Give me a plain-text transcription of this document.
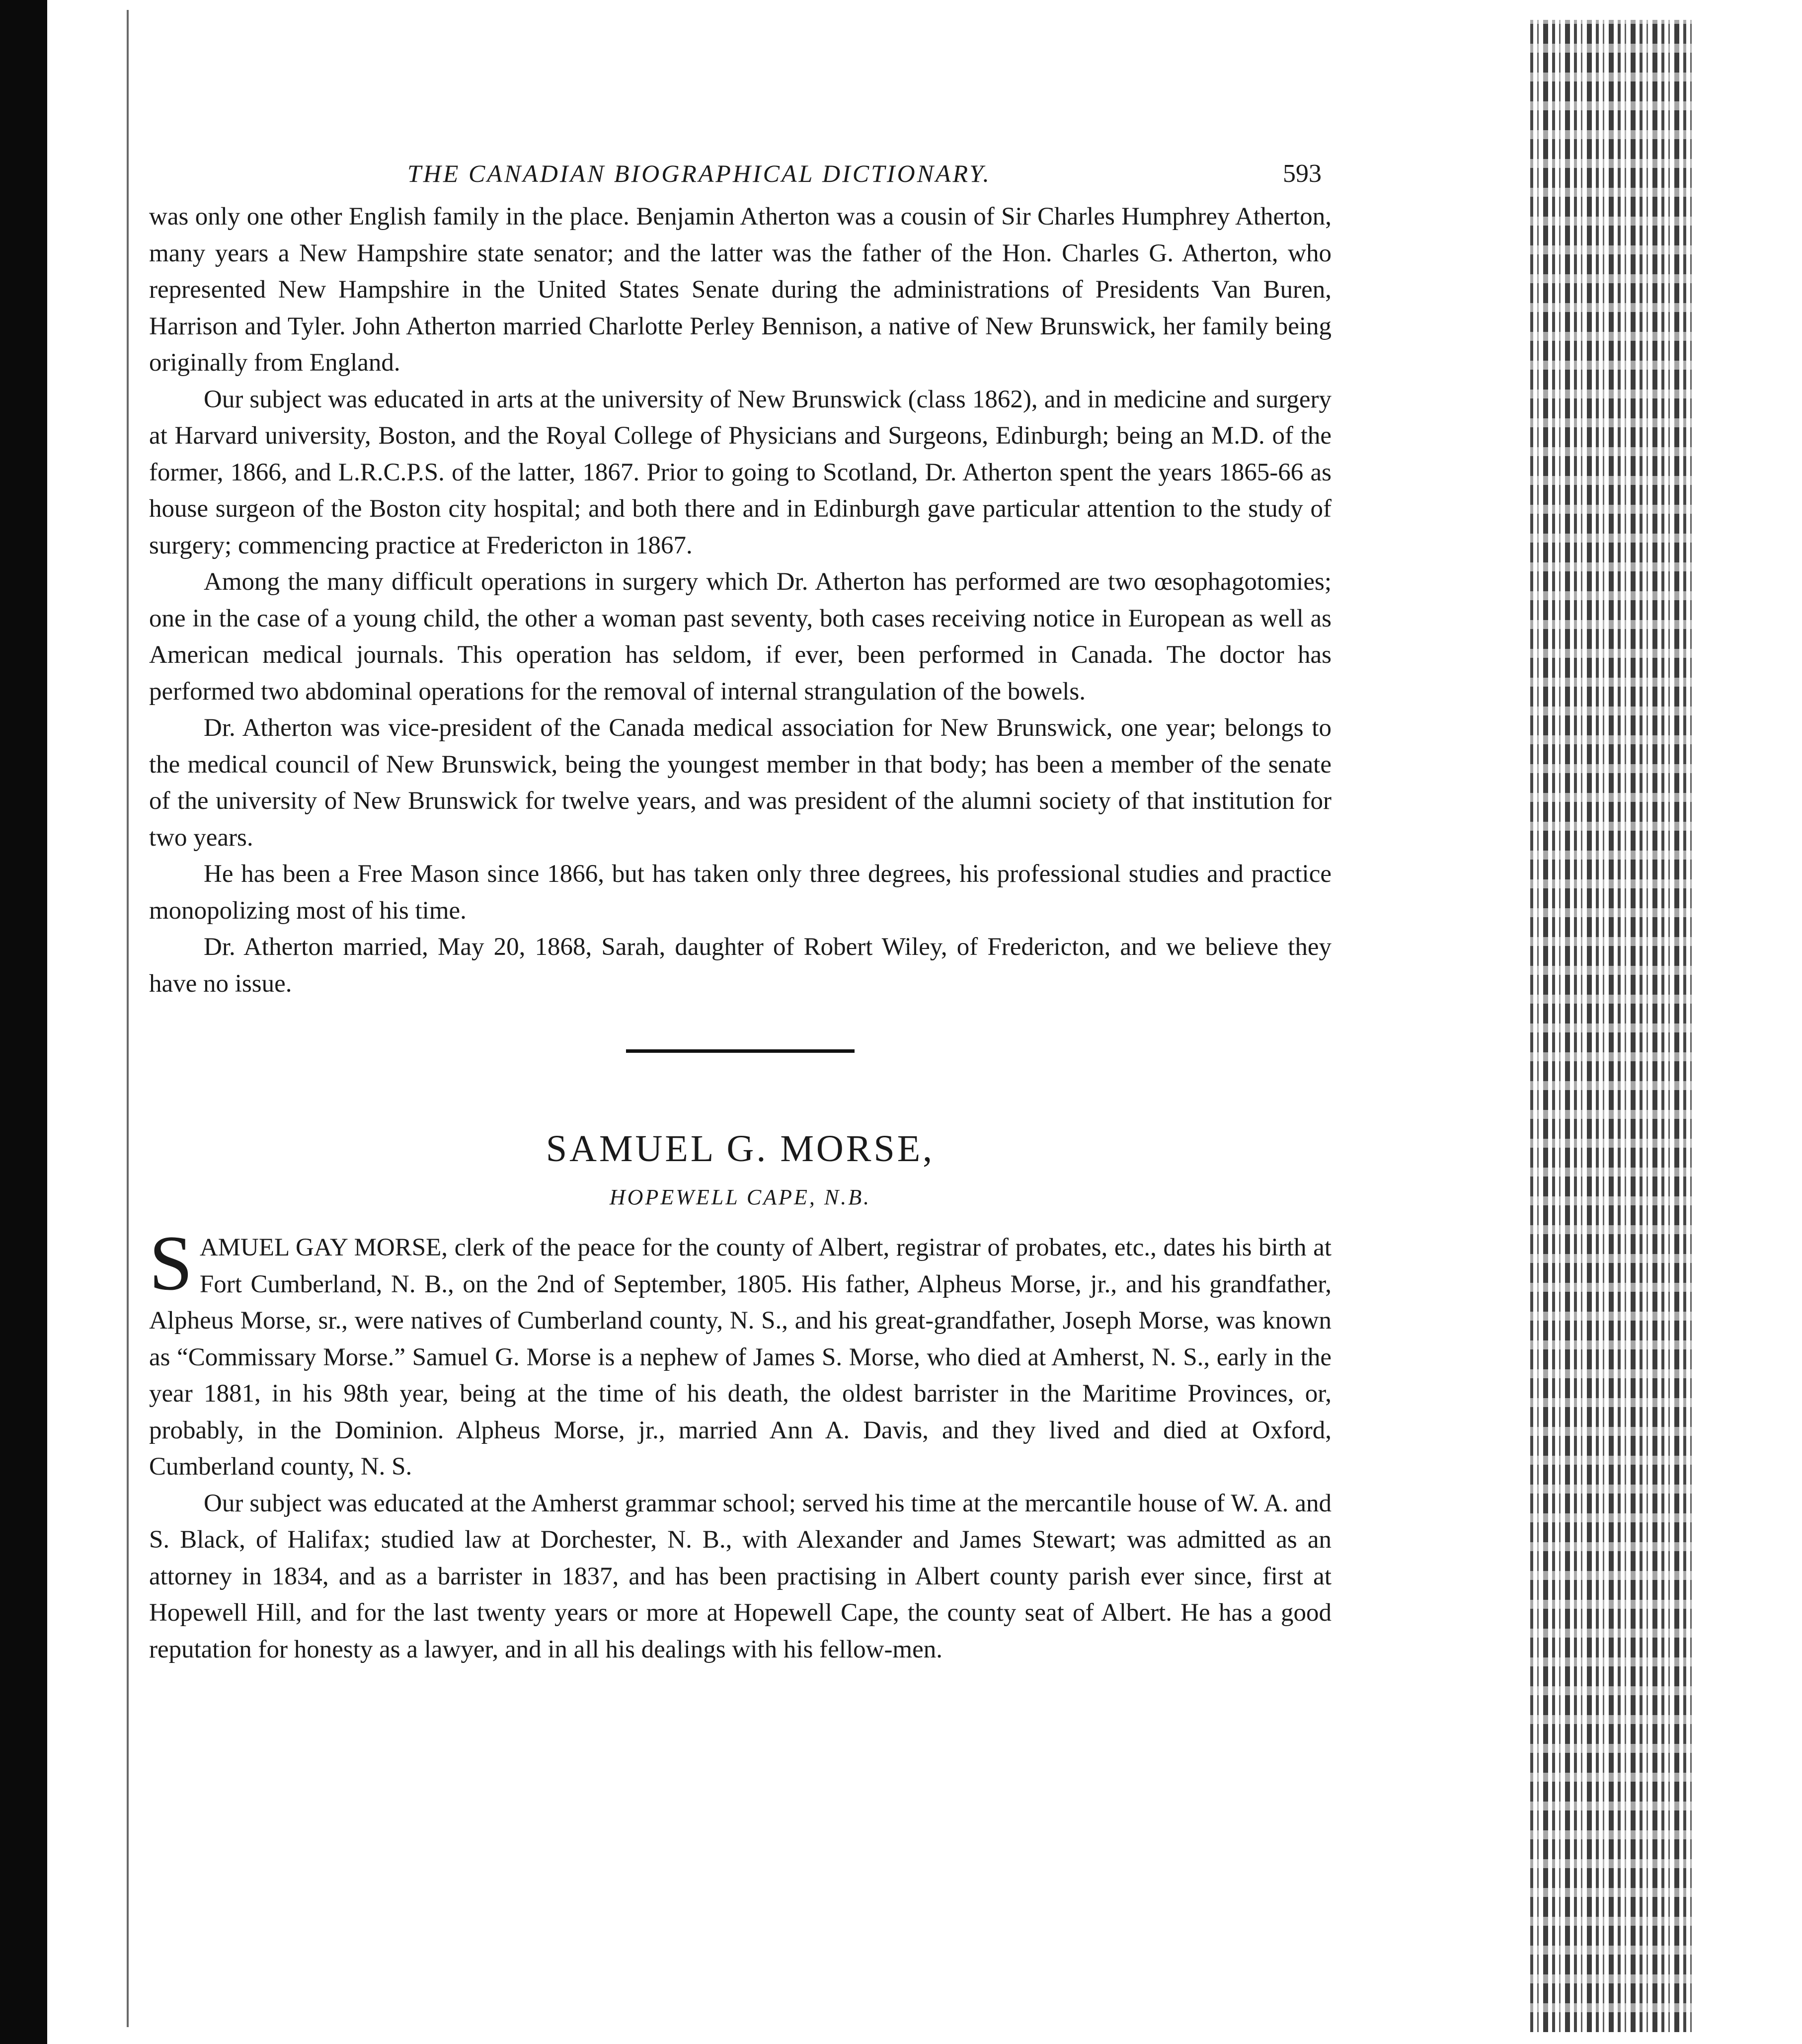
THE CANADIAN BIOGRAPHICAL DICTIONARY.	593

was only one other English family in the place. Benjamin Atherton was a cousin of Sir Charles Humphrey Atherton, many years a New Hampshire state senator; and the latter was the father of the Hon. Charles G. Atherton, who represented New Hampshire in the United States Senate during the administrations of Presidents Van Buren, Harrison and Tyler. John Atherton married Charlotte Perley Bennison, a native of New Brunswick, her family being originally from England.

Our subject was educated in arts at the university of New Brunswick (class 1862), and in medicine and surgery at Harvard university, Boston, and the Royal College of Physicians and Surgeons, Edinburgh; being an M.D. of the former, 1866, and L.R.C.P.S. of the latter, 1867. Prior to going to Scotland, Dr. Atherton spent the years 1865-66 as house surgeon of the Boston city hospital; and both there and in Edinburgh gave particular attention to the study of surgery; commencing practice at Fredericton in 1867.

Among the many difficult operations in surgery which Dr. Atherton has performed are two œsophagotomies; one in the case of a young child, the other a woman past seventy, both cases receiving notice in European as well as American medical journals. This operation has seldom, if ever, been performed in Canada. The doctor has performed two abdominal operations for the removal of internal strangulation of the bowels.

Dr. Atherton was vice-president of the Canada medical association for New Brunswick, one year; belongs to the medical council of New Brunswick, being the youngest member in that body; has been a member of the senate of the university of New Brunswick for twelve years, and was president of the alumni society of that institution for two years.

He has been a Free Mason since 1866, but has taken only three degrees, his professional studies and practice monopolizing most of his time.

Dr. Atherton married, May 20, 1868, Sarah, daughter of Robert Wiley, of Fredericton, and we believe they have no issue.

SAMUEL G. MORSE,
HOPEWELL CAPE, N.B.

SAMUEL GAY MORSE, clerk of the peace for the county of Albert, registrar of probates, etc., dates his birth at Fort Cumberland, N. B., on the 2nd of September, 1805. His father, Alpheus Morse, jr., and his grandfather, Alpheus Morse, sr., were natives of Cumberland county, N. S., and his great-grandfather, Joseph Morse, was known as “Commissary Morse.” Samuel G. Morse is a nephew of James S. Morse, who died at Amherst, N. S., early in the year 1881, in his 98th year, being at the time of his death, the oldest barrister in the Maritime Provinces, or, probably, in the Dominion. Alpheus Morse, jr., married Ann A. Davis, and they lived and died at Oxford, Cumberland county, N. S.

Our subject was educated at the Amherst grammar school; served his time at the mercantile house of W. A. and S. Black, of Halifax; studied law at Dorchester, N. B., with Alexander and James Stewart; was admitted as an attorney in 1834, and as a barrister in 1837, and has been practising in Albert county parish ever since, first at Hopewell Hill, and for the last twenty years or more at Hopewell Cape, the county seat of Albert. He has a good reputation for honesty as a lawyer, and in all his dealings with his fellow-men.
